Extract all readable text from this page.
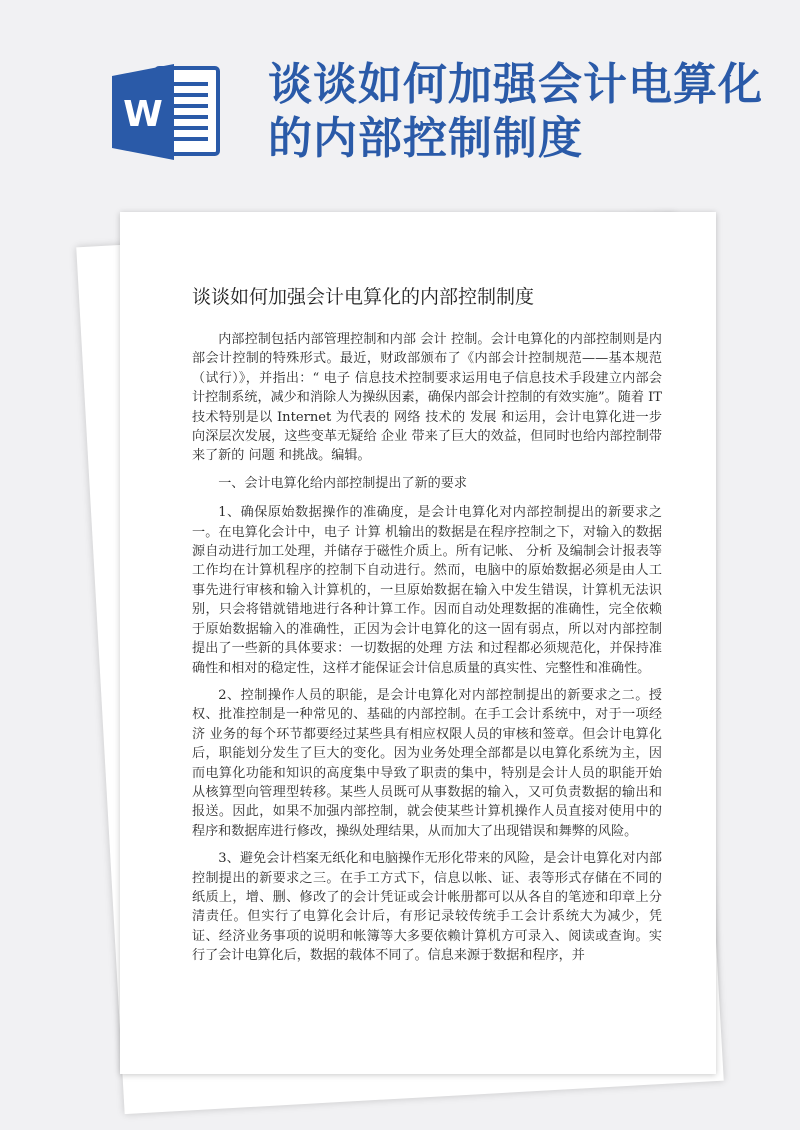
W
谈谈如何加强会计电算化的内部控制制度
谈谈如何加强会计电算化的内部控制制度

内部控制包括内部管理控制和内部 会计 控制。会计电算化的内部控制则是内部会计控制的特殊形式。最近，财政部颁布了《内部会计控制规范——基本规范（试行）》，并指出：“ 电子 信息技术控制要求运用电子信息技术手段建立内部会计控制系统，减少和消除人为操纵因素，确保内部会计控制的有效实施”。随着 IT 技术特别是以 Internet 为代表的 网络 技术的 发展 和运用，会计电算化进一步向深层次发展，这些变革无疑给 企业 带来了巨大的效益，但同时也给内部控制带来了新的 问题 和挑战。编辑。

一、会计电算化给内部控制提出了新的要求

1、确保原始数据操作的准确度，是会计电算化对内部控制提出的新要求之一。在电算化会计中，电子 计算 机输出的数据是在程序控制之下，对输入的数据源自动进行加工处理，并储存于磁性介质上。所有记帐、 分析 及编制会计报表等工作均在计算机程序的控制下自动进行。然而，电脑中的原始数据必须是由人工事先进行审核和输入计算机的，一旦原始数据在输入中发生错误，计算机无法识别，只会将错就错地进行各种计算工作。因而自动处理数据的准确性，完全依赖于原始数据输入的准确性，正因为会计电算化的这一固有弱点，所以对内部控制提出了一些新的具体要求：一切数据的处理 方法 和过程都必须规范化，并保持准确性和相对的稳定性，这样才能保证会计信息质量的真实性、完整性和准确性。

2、控制操作人员的职能，是会计电算化对内部控制提出的新要求之二。授权、批准控制是一种常见的、基础的内部控制。在手工会计系统中，对于一项经济 业务的每个环节都要经过某些具有相应权限人员的审核和签章。但会计电算化后，职能划分发生了巨大的变化。因为业务处理全部都是以电算化系统为主，因而电算化功能和知识的高度集中导致了职责的集中，特别是会计人员的职能开始从核算型向管理型转移。某些人员既可从事数据的输入，又可负责数据的输出和报送。因此，如果不加强内部控制，就会使某些计算机操作人员直接对使用中的程序和数据库进行修改，操纵处理结果，从而加大了出现错误和舞弊的风险。

3、避免会计档案无纸化和电脑操作无形化带来的风险，是会计电算化对内部控制提出的新要求之三。在手工方式下，信息以帐、证、表等形式存储在不同的纸质上，增、删、修改了的会计凭证或会计帐册都可以从各自的笔迹和印章上分清责任。但实行了电算化会计后，有形记录较传统手工会计系统大为减少，凭证、经济业务事项的说明和帐簿等大多要依赖计算机方可录入、阅读或查询。实行了会计电算化后，数据的载体不同了。信息来源于数据和程序，并
